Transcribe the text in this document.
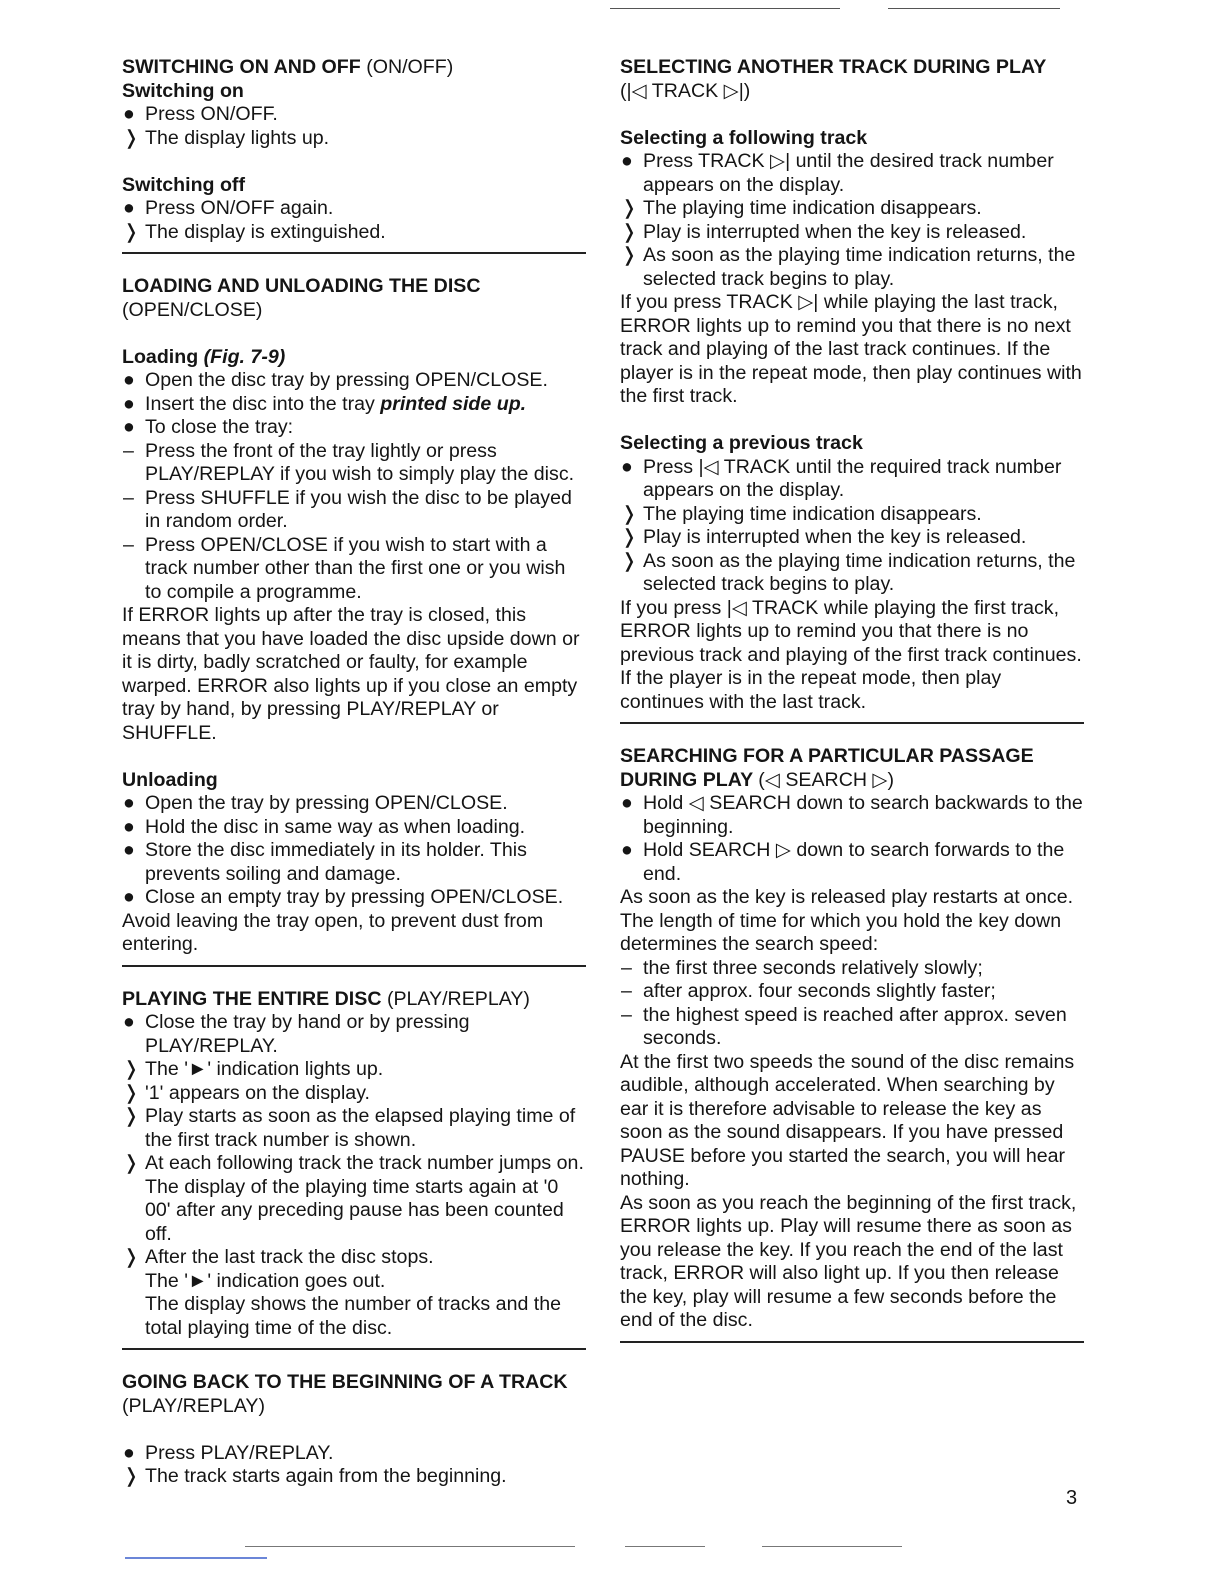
SWITCHING ON AND OFF (ON/OFF)

Switching on

● Press ON/OFF.

❭ The display lights up.

Switching off

● Press ON/OFF again.

❭ The display is extinguished.

LOADING AND UNLOADING THE DISC

(OPEN/CLOSE)

Loading (Fig. 7-9)

● Open the disc tray by pressing OPEN/CLOSE.

● Insert the disc into the tray printed side up.

● To close the tray:

– Press the front of the tray lightly or press PLAY/REPLAY if you wish to simply play the disc.

– Press SHUFFLE if you wish the disc to be played in random order.

– Press OPEN/CLOSE if you wish to start with a track number other than the first one or you wish to compile a programme.

If ERROR lights up after the tray is closed, this means that you have loaded the disc upside down or it is dirty, badly scratched or faulty, for example warped. ERROR also lights up if you close an empty tray by hand, by pressing PLAY/REPLAY or SHUFFLE.

Unloading

● Open the tray by pressing OPEN/CLOSE.

● Hold the disc in same way as when loading.

● Store the disc immediately in its holder. This prevents soiling and damage.

● Close an empty tray by pressing OPEN/CLOSE.

Avoid leaving the tray open, to prevent dust from entering.

PLAYING THE ENTIRE DISC (PLAY/REPLAY)

● Close the tray by hand or by pressing PLAY/REPLAY.

❭ The '►' indication lights up.

❭ '1' appears on the display.

❭ Play starts as soon as the elapsed playing time of the first track number is shown.

❭ At each following track the track number jumps on. The display of the playing time starts again at '0 00' after any preceding pause has been counted off.

❭ After the last track the disc stops.

The '►' indication goes out.

The display shows the number of tracks and the total playing time of the disc.

GOING BACK TO THE BEGINNING OF A TRACK

(PLAY/REPLAY)

● Press PLAY/REPLAY.

❭ The track starts again from the beginning.

SELECTING ANOTHER TRACK DURING PLAY

(|◁ TRACK ▷|)

Selecting a following track

● Press TRACK ▷| until the desired track number appears on the display.

❭ The playing time indication disappears.

❭ Play is interrupted when the key is released.

❭ As soon as the playing time indication returns, the selected track begins to play.

If you press TRACK ▷| while playing the last track, ERROR lights up to remind you that there is no next track and playing of the last track continues. If the player is in the repeat mode, then play continues with the first track.

Selecting a previous track

● Press |◁ TRACK until the required track number appears on the display.

❭ The playing time indication disappears.

❭ Play is interrupted when the key is released.

❭ As soon as the playing time indication returns, the selected track begins to play.

If you press |◁ TRACK while playing the first track, ERROR lights up to remind you that there is no previous track and playing of the first track continues. If the player is in the repeat mode, then play continues with the last track.

SEARCHING FOR A PARTICULAR PASSAGE DURING PLAY (◁ SEARCH ▷)

● Hold ◁ SEARCH down to search backwards to the beginning.

● Hold SEARCH ▷ down to search forwards to the end.

As soon as the key is released play restarts at once. The length of time for which you hold the key down determines the search speed:

– the first three seconds relatively slowly;

– after approx. four seconds slightly faster;

– the highest speed is reached after approx. seven seconds.

At the first two speeds the sound of the disc remains audible, although accelerated. When searching by ear it is therefore advisable to release the key as soon as the sound disappears. If you have pressed PAUSE before you started the search, you will hear nothing.

As soon as you reach the beginning of the first track, ERROR lights up. Play will resume there as soon as you release the key. If you reach the end of the last track, ERROR will also light up. If you then release the key, play will resume a few seconds before the end of the disc.

3
